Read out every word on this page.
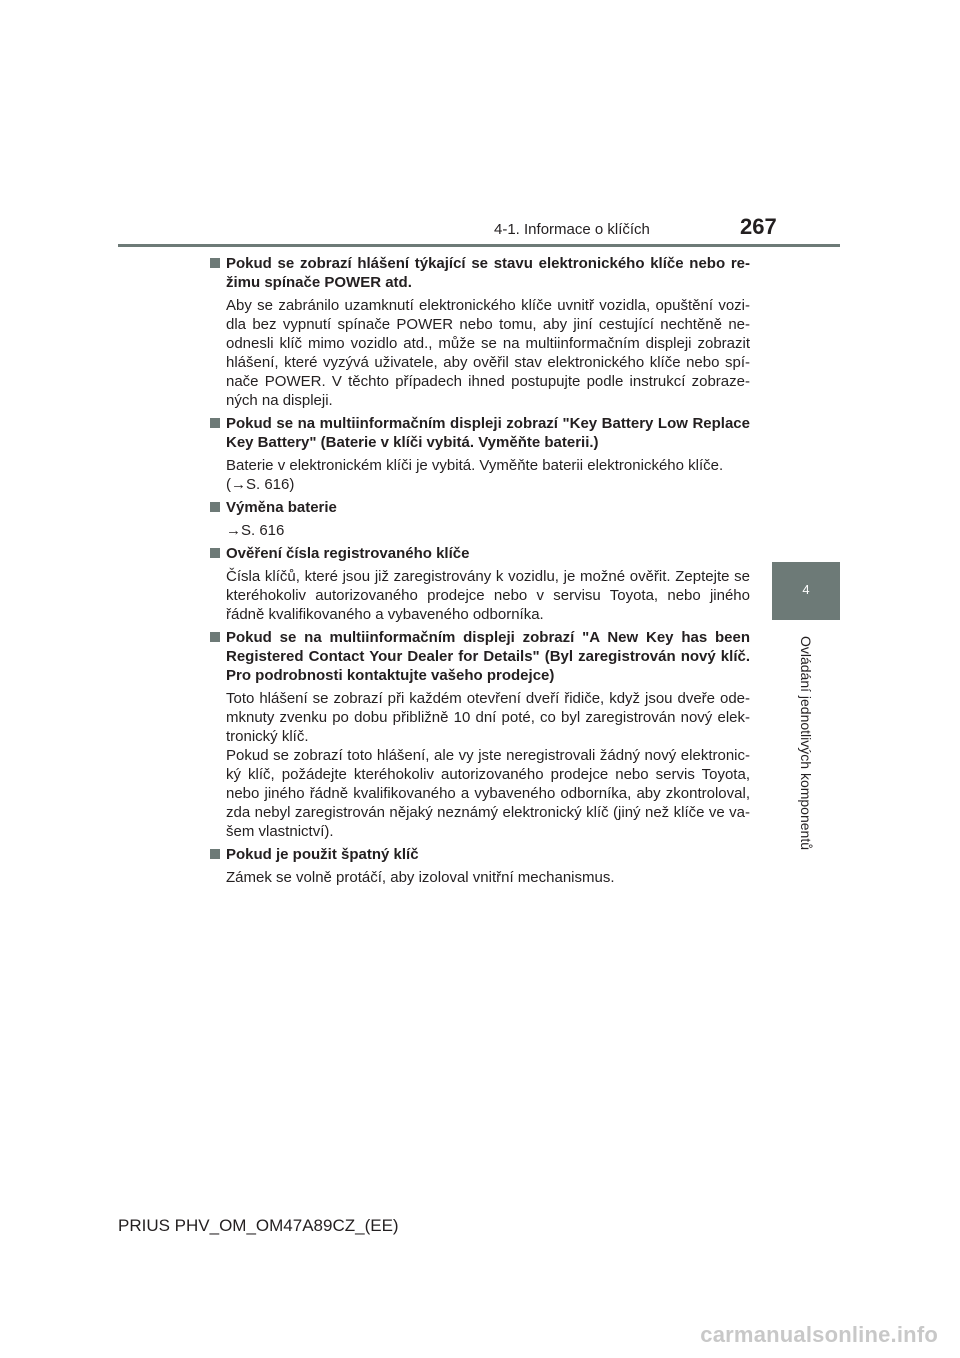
4-1. Informace o klíčích	267
4
Ovládání jednotlivých komponentů
Pokud se zobrazí hlášení týkající se stavu elektronického klíče nebo re-žimu spínače POWER atd.
Aby se zabránilo uzamknutí elektronického klíče uvnitř vozidla, opuštění vozi-dla bez vypnutí spínače POWER nebo tomu, aby jiní cestující nechtěně ne-odnesli klíč mimo vozidlo atd., může se na multiinformačním displeji zobrazit hlášení, které vyzývá uživatele, aby ověřil stav elektronického klíče nebo spí-nače POWER. V těchto případech ihned postupujte podle instrukcí zobraze-ných na displeji.
Pokud se na multiinformačním displeji zobrazí "Key Battery Low Replace Key Battery" (Baterie v klíči vybitá. Vyměňte baterii.)
Baterie v elektronickém klíči je vybitá. Vyměňte baterii elektronického klíče.
(→S. 616)
Výměna baterie
→S. 616
Ověření čísla registrovaného klíče
Čísla klíčů, které jsou již zaregistrovány k vozidlu, je možné ověřit. Zeptejte se kteréhokoliv autorizovaného prodejce nebo v servisu Toyota, nebo jiného řádně kvalifikovaného a vybaveného odborníka.
Pokud se na multiinformačním displeji zobrazí "A New Key has been Registered Contact Your Dealer for Details" (Byl zaregistrován nový klíč. Pro podrobnosti kontaktujte vašeho prodejce)
Toto hlášení se zobrazí při každém otevření dveří řidiče, když jsou dveře ode-mknuty zvenku po dobu přibližně 10 dní poté, co byl zaregistrován nový elek-tronický klíč.
Pokud se zobrazí toto hlášení, ale vy jste neregistrovali žádný nový elektronic-ký klíč, požádejte kteréhokoliv autorizovaného prodejce nebo servis Toyota, nebo jiného řádně kvalifikovaného a vybaveného odborníka, aby zkontroloval, zda nebyl zaregistrován nějaký neznámý elektronický klíč (jiný než klíče ve va-šem vlastnictví).
Pokud je použit špatný klíč
Zámek se volně protáčí, aby izoloval vnitřní mechanismus.
PRIUS PHV_OM_OM47A89CZ_(EE)
carmanualsonline.info
